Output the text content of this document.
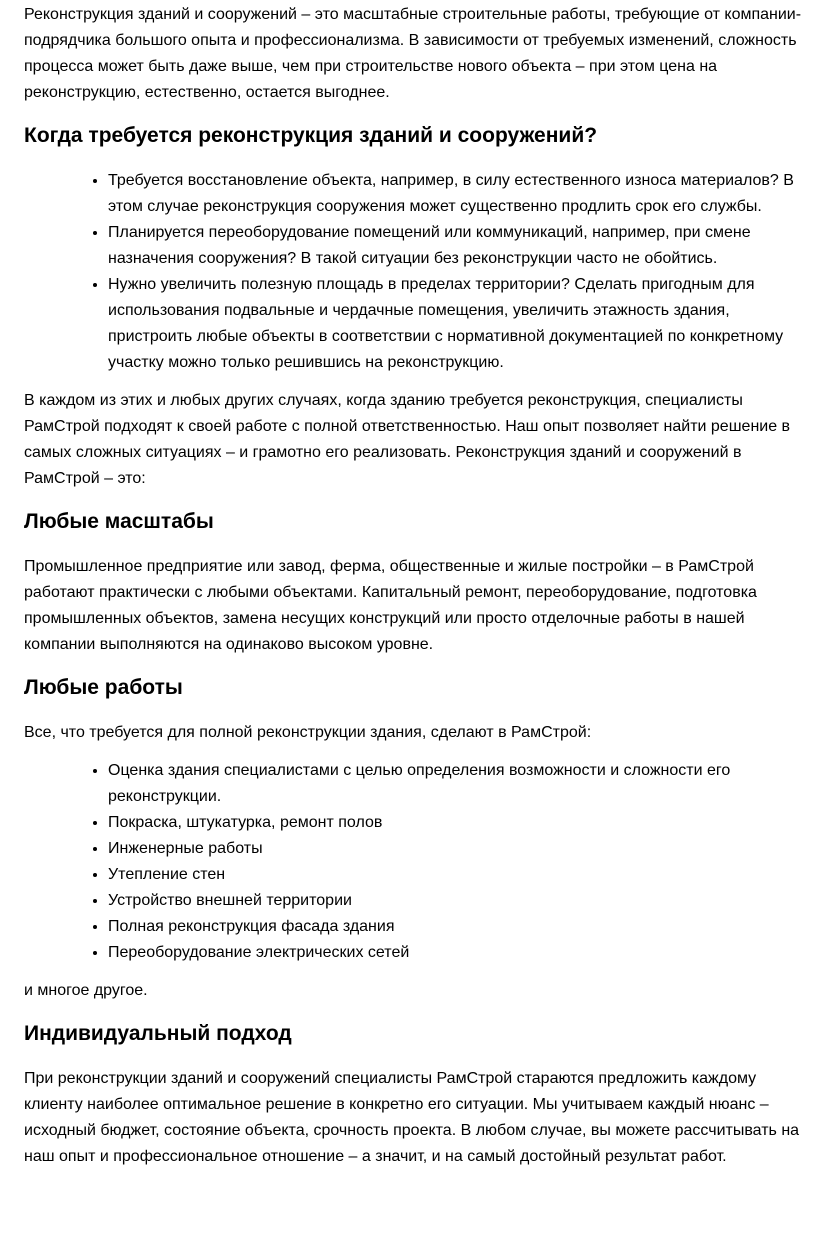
Реконструкция зданий и сооружений – это масштабные строительные работы, требующие от компании-подрядчика большого опыта и профессионализма. В зависимости от требуемых изменений, сложность процесса может быть даже выше, чем при строительстве нового объекта – при этом цена на реконструкцию, естественно, остается выгоднее.

Когда требуется реконструкция зданий и сооружений?
• Требуется восстановление объекта, например, в силу естественного износа материалов? В этом случае реконструкция сооружения может существенно продлить срок его службы.
• Планируется переоборудование помещений или коммуникаций, например, при смене назначения сооружения? В такой ситуации без реконструкции часто не обойтись.
• Нужно увеличить полезную площадь в пределах территории? Сделать пригодным для использования подвальные и чердачные помещения, увеличить этажность здания, пристроить любые объекты в соответствии с нормативной документацией по конкретному участку можно только решившись на реконструкцию.

В каждом из этих и любых других случаях, когда зданию требуется реконструкция, специалисты РамСтрой подходят к своей работе с полной ответственностью. Наш опыт позволяет найти решение в самых сложных ситуациях – и грамотно его реализовать. Реконструкция зданий и сооружений в РамСтрой – это:

Любые масштабы

Промышленное предприятие или завод, ферма, общественные и жилые постройки – в РамСтрой работают практически с любыми объектами. Капитальный ремонт, переоборудование, подготовка промышленных объектов, замена несущих конструкций или просто отделочные работы в нашей компании выполняются на одинаково высоком уровне.

Любые работы

Все, что требуется для полной реконструкции здания, сделают в РамСтрой:

• Оценка здания специалистами с целью определения возможности и сложности его реконструкции.
• Покраска, штукатурка, ремонт полов
• Инженерные работы
• Утепление стен
• Устройство внешней территории
• Полная реконструкция фасада здания
• Переоборудование электрических сетей

и многое другое.

Индивидуальный подход

При реконструкции зданий и сооружений специалисты РамСтрой стараются предложить каждому клиенту наиболее оптимальное решение в конкретно его ситуации. Мы учитываем каждый нюанс – исходный бюджет, состояние объекта, срочность проекта. В любом случае, вы можете рассчитывать на наш опыт и профессиональное отношение – а значит, и на самый достойный результат работ.
